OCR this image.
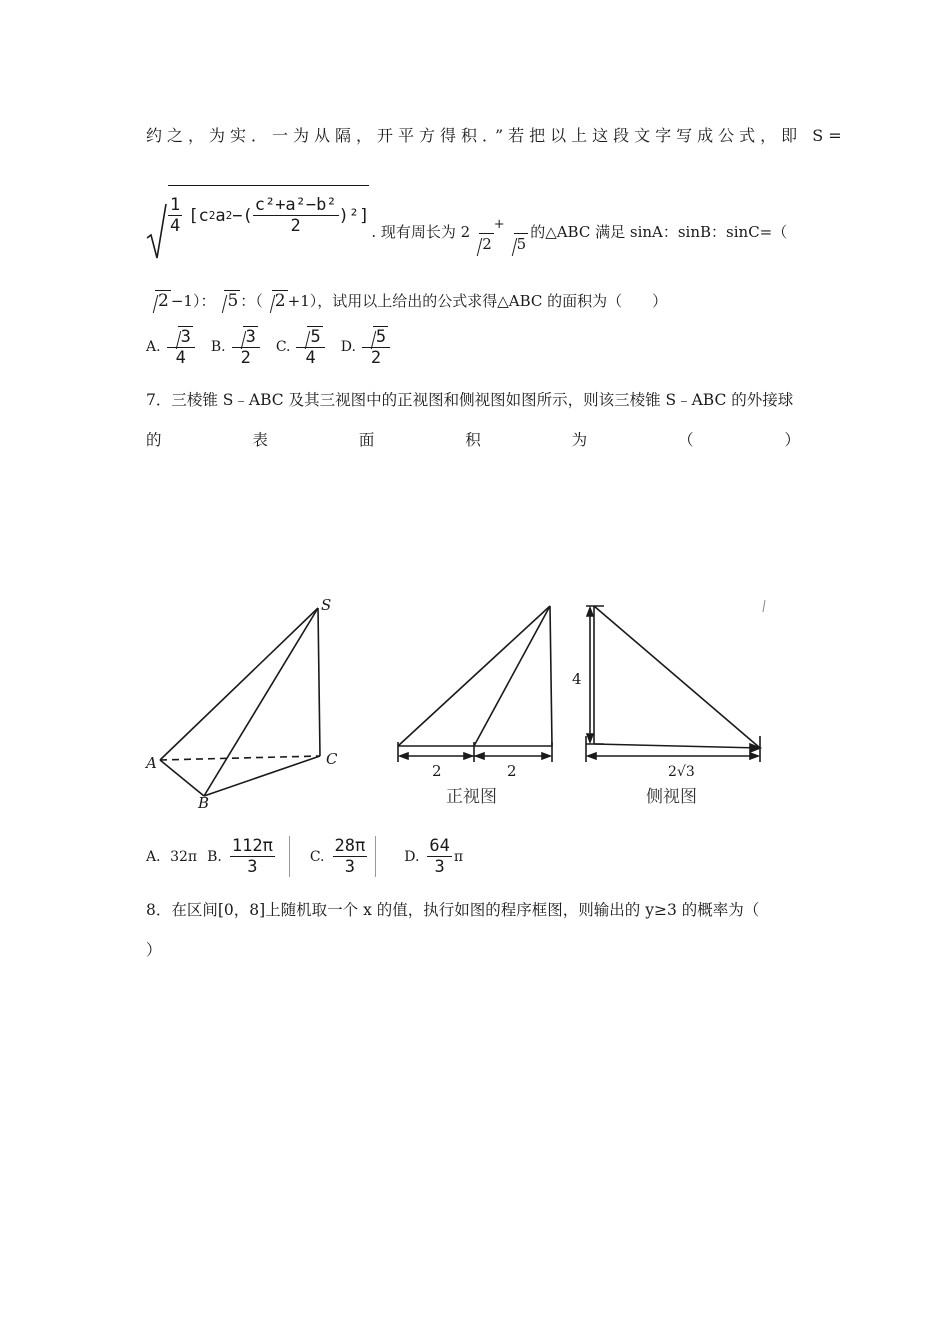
约之，为实．一为从隔，开平方得积．”若把以上这段文字写成公式，即 S=
$\frac{1}{4} [c$ 2 a 2 −( $\frac{\text{c²+a²−b²}}{2} )^2$]
. 现有周长为 2
2
+
5
的△ABC 满足 sinA：sinB：sinC=（
2 −1）： 5 ：（ 2 +1），试用以上给出的公式求得△ABC 的面积为（　　）
A. $\frac{3}{4} B$. $\frac{3}{2} C$. $\frac{5}{4} D$. $\frac{5}{2}$
7．三棱锥 S﹣ABC 及其三视图中的正视图和侧视图如图所示，则该三棱锥 S﹣ABC 的外接球
的	表	面	积	为	（	）
S
A
B
C
2	2
正视图
4
2√3
侧视图
A．32π B. $\frac{112\pi}{3} C$. $\frac{28\pi}{3} D$. $\frac{64}{3}$ π
8．在区间[0，8]上随机取一个 x 的值，执行如图的程序框图，则输出的 y≥3 的概率为（
）
